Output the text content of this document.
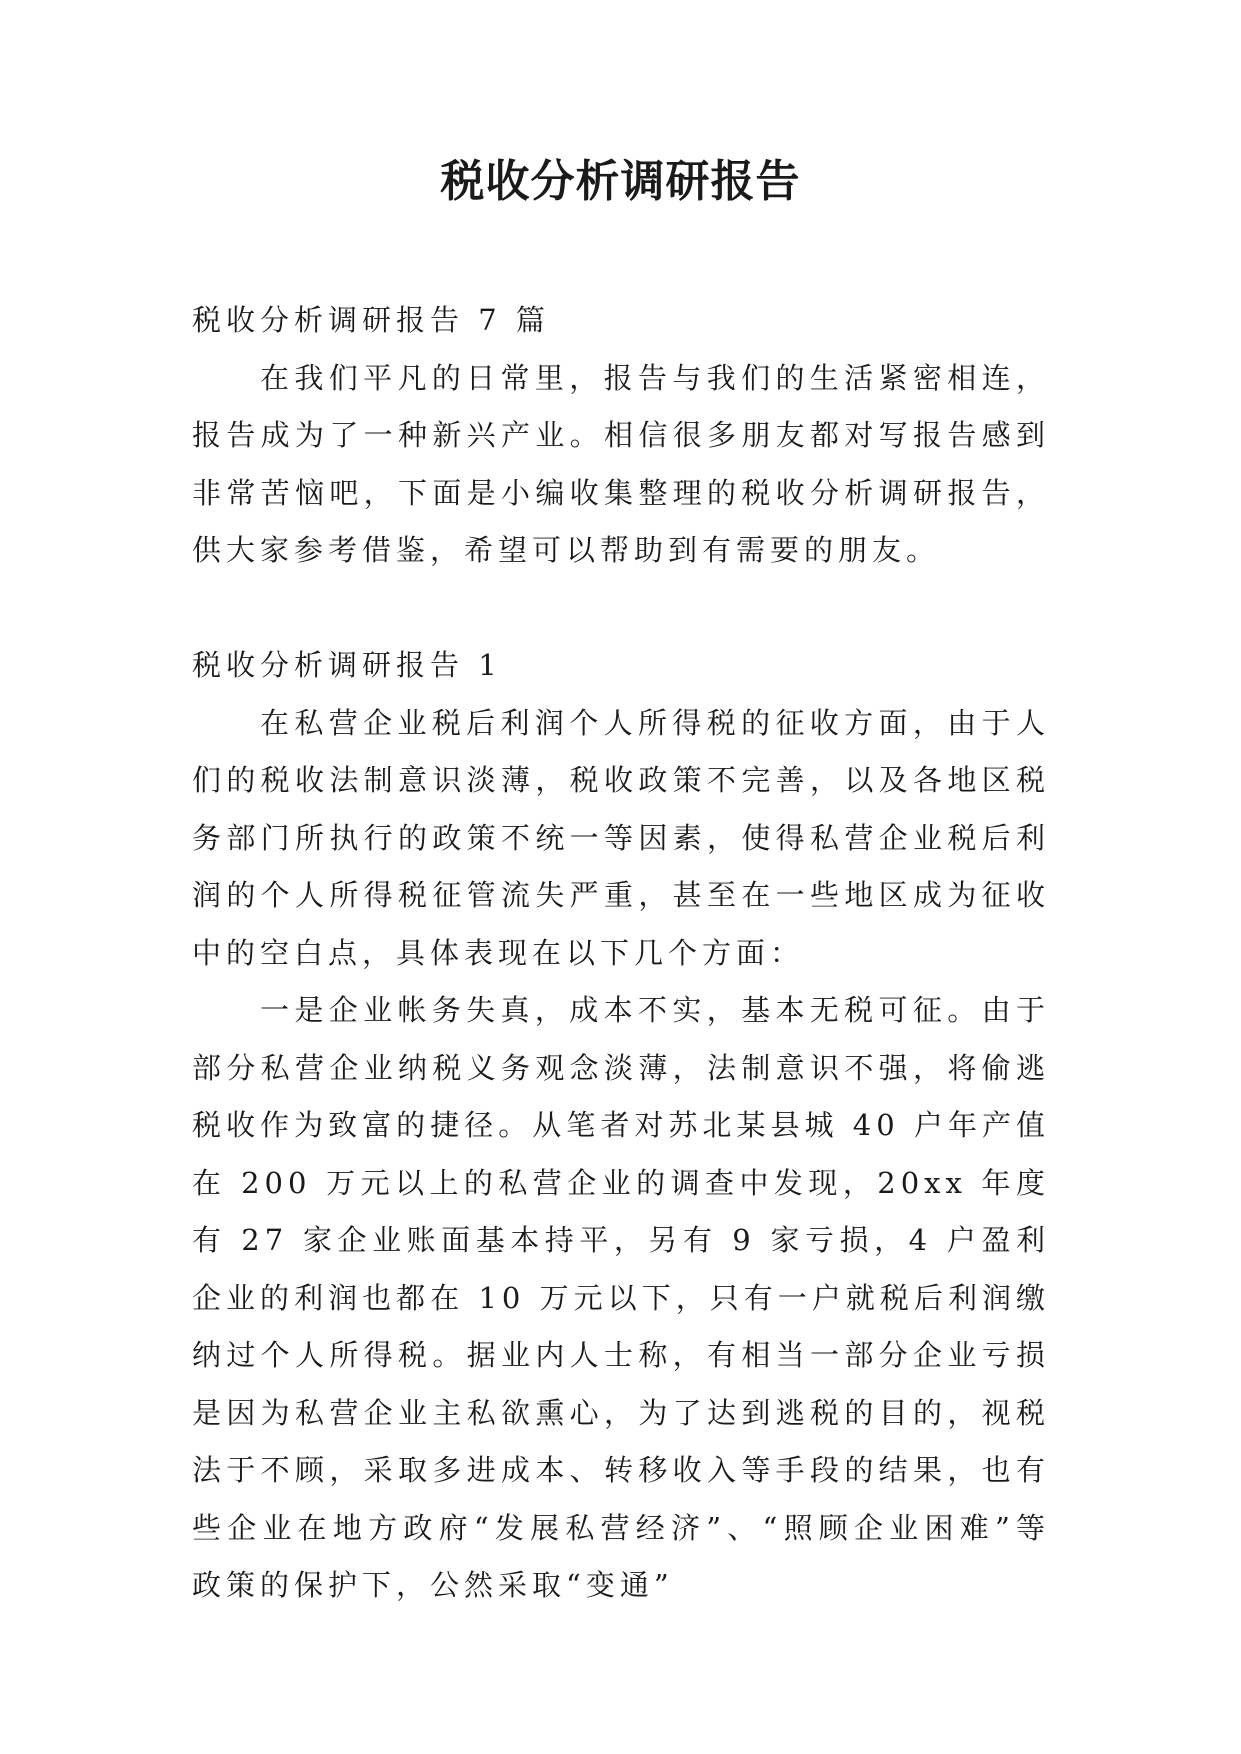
税收分析调研报告

税收分析调研报告 7 篇

在我们平凡的日常里，报告与我们的生活紧密相连，报告成为了一种新兴产业。相信很多朋友都对写报告感到非常苦恼吧，下面是小编收集整理的税收分析调研报告，供大家参考借鉴，希望可以帮助到有需要的朋友。

税收分析调研报告 1

在私营企业税后利润个人所得税的征收方面，由于人们的税收法制意识淡薄，税收政策不完善，以及各地区税务部门所执行的政策不统一等因素，使得私营企业税后利润的个人所得税征管流失严重，甚至在一些地区成为征收中的空白点，具体表现在以下几个方面：

一是企业帐务失真，成本不实，基本无税可征。由于部分私营企业纳税义务观念淡薄，法制意识不强，将偷逃税收作为致富的捷径。从笔者对苏北某县城 40 户年产值在 200 万元以上的私营企业的调查中发现，20xx 年度有 27 家企业账面基本持平，另有 9 家亏损，4 户盈利企业的利润也都在 10 万元以下，只有一户就税后利润缴纳过个人所得税。据业内人士称，有相当一部分企业亏损是因为私营企业主私欲熏心，为了达到逃税的目的，视税法于不顾，采取多进成本、转移收入等手段的结果，也有些企业在地方政府“发展私营经济”、“照顾企业困难”等政策的保护下，公然采取“变通”
